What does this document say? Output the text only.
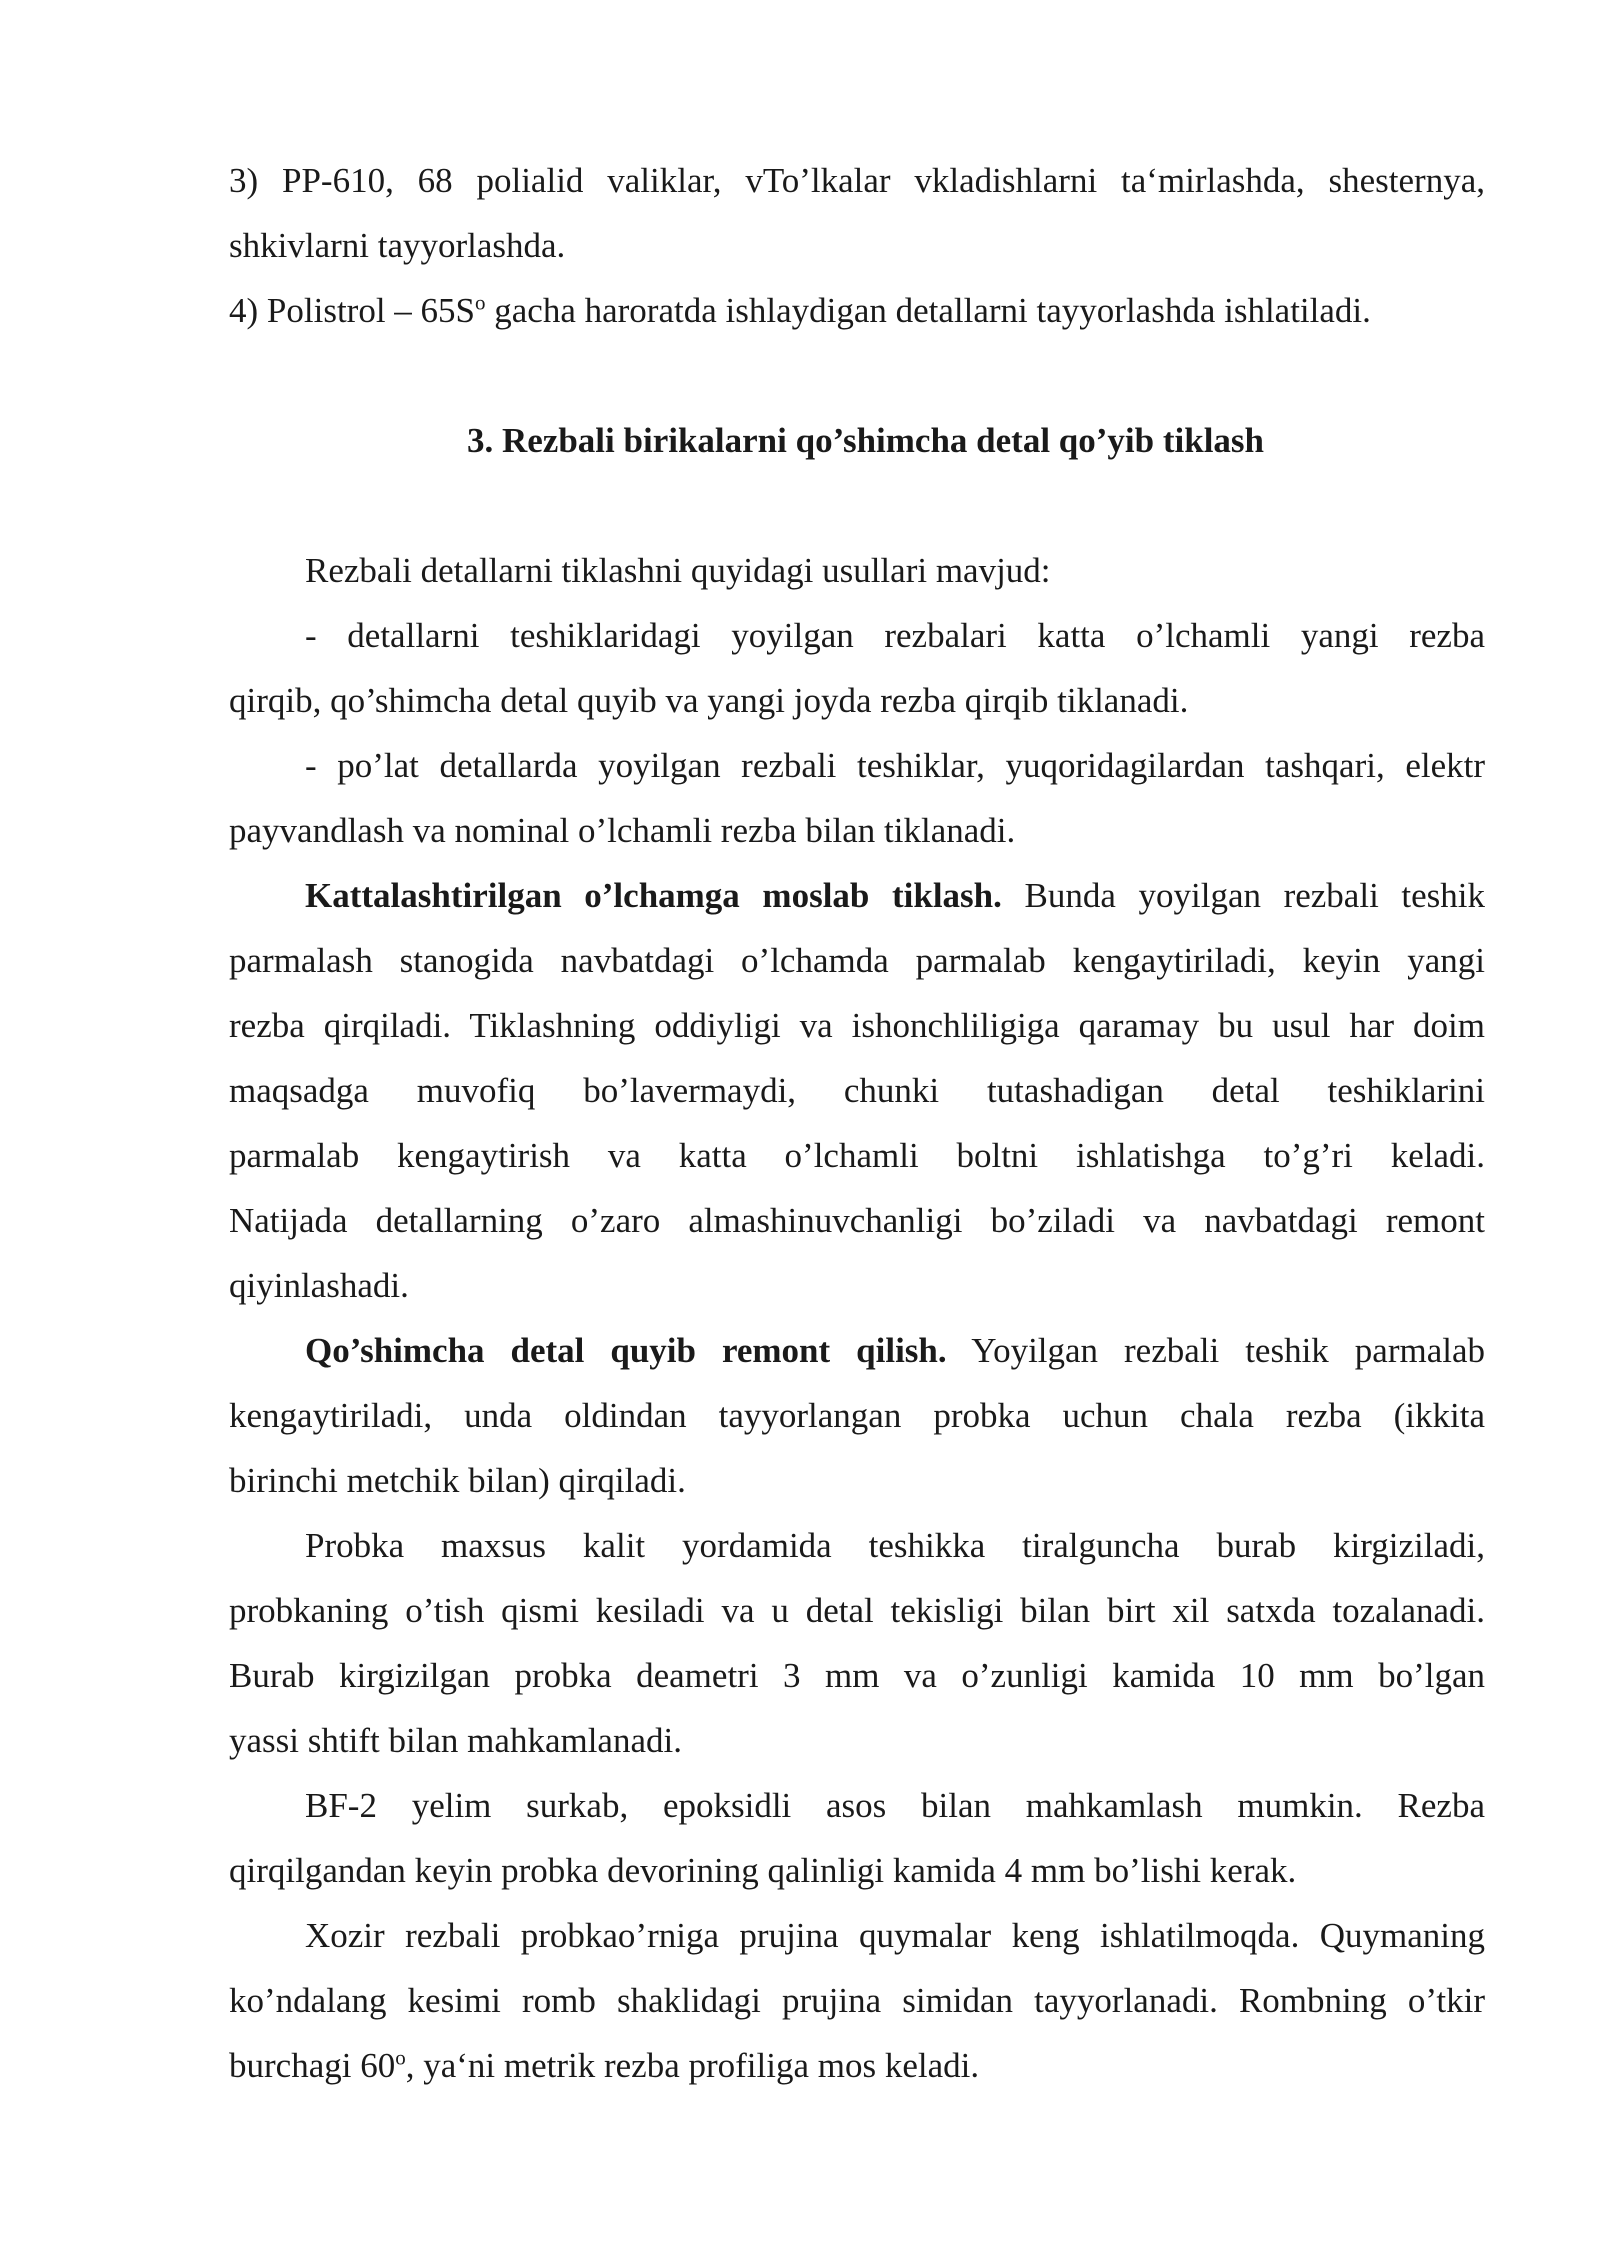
3) PP-610, 68 polialid valiklar, vTo’lkalar vkladishlarni ta‘mirlashda, shesternya,
shkivlarni tayyorlashda.
4) Polistrol – $65S^o$ gacha haroratda ishlaydigan detallarni tayyorlashda ishlatiladi.
3. Rezbali birikalarni qo’shimcha detal qo’yib tiklash
Rezbali detallarni tiklashni quyidagi usullari mavjud:
- detallarni teshiklaridagi yoyilgan rezbalari katta o’lchamli yangi rezba
qirqib, qo’shimcha detal quyib va yangi joyda rezba qirqib tiklanadi.
- po’lat detallarda yoyilgan rezbali teshiklar, yuqoridagilardan tashqari, elektr
payvandlash va nominal o’lchamli rezba bilan tiklanadi.
Kattalashtirilgan o’lchamga moslab tiklash. Bunda yoyilgan rezbali teshik
parmalash stanogida navbatdagi o’lchamda parmalab kengaytiriladi, keyin yangi
rezba qirqiladi. Tiklashning oddiyligi va ishonchliligiga qaramay bu usul har doim
maqsadga muvofiq bo’lavermaydi, chunki tutashadigan detal teshiklarini
parmalab kengaytirish va katta o’lchamli boltni ishlatishga to’g’ri keladi.
Natijada detallarning o’zaro almashinuvchanligi bo’ziladi va navbatdagi remont
qiyinlashadi.
Qo’shimcha detal quyib remont qilish. Yoyilgan rezbali teshik parmalab
kengaytiriladi, unda oldindan tayyorlangan probka uchun chala rezba (ikkita
birinchi metchik bilan) qirqiladi.
Probka maxsus kalit yordamida teshikka tiralguncha burab kirgiziladi,
probkaning o’tish qismi kesiladi va u detal tekisligi bilan birt xil satxda tozalanadi.
Burab kirgizilgan probka deametri 3 mm va o’zunligi kamida 10 mm bo’lgan
yassi shtift bilan mahkamlanadi.
BF-2 yelim surkab, epoksidli asos bilan mahkamlash mumkin. Rezba
qirqilgandan keyin probka devorining qalinligi kamida 4 mm bo’lishi kerak.
Xozir rezbali probkao’rniga prujina quymalar keng ishlatilmoqda. Quymaning
ko’ndalang kesimi romb shaklidagi prujina simidan tayyorlanadi. Rombning o’tkir
burchagi 60$^o$, ya‘ni metrik rezba profiliga mos keladi.
